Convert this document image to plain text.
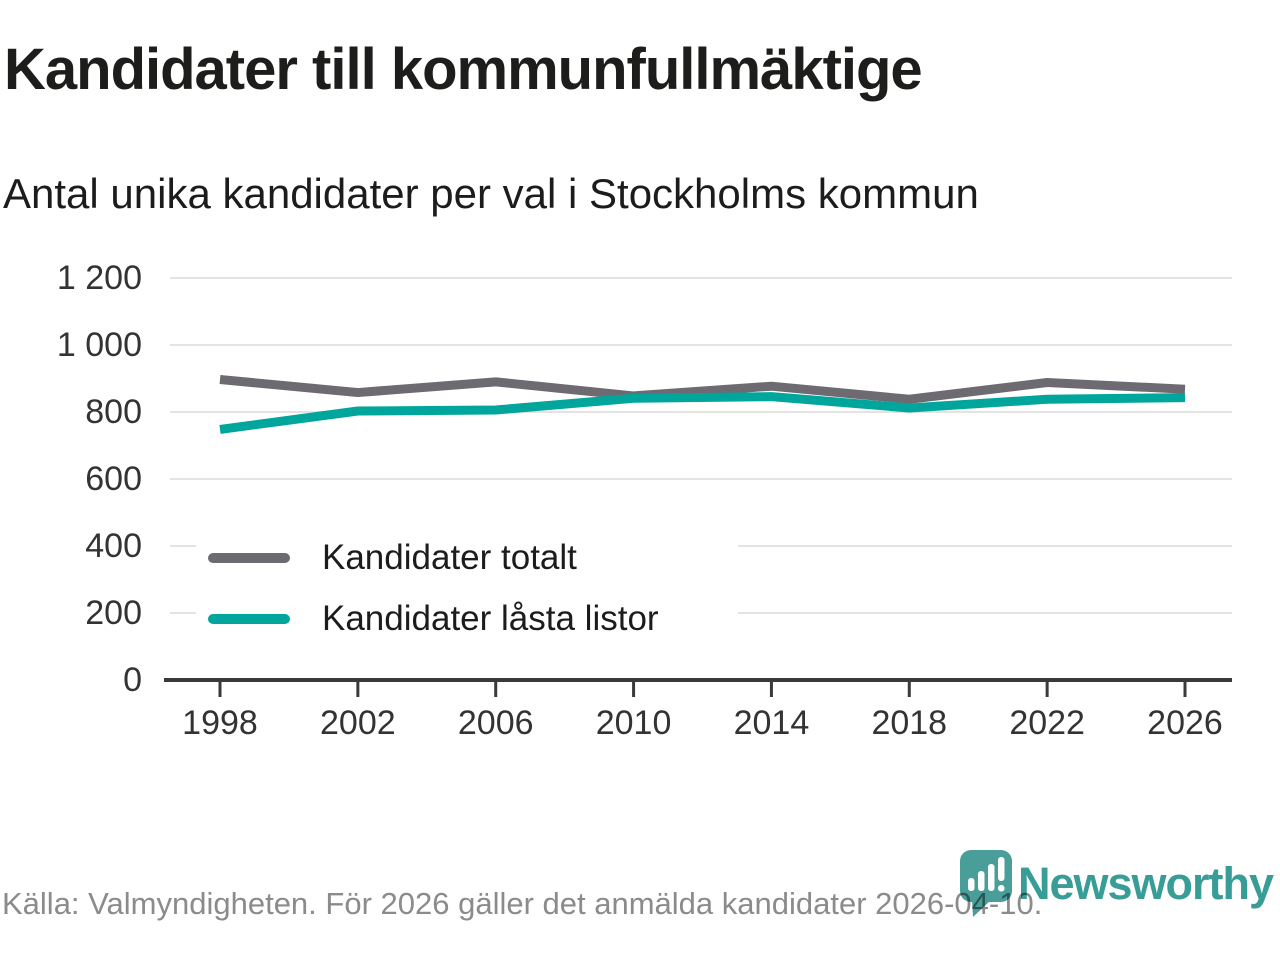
Kandidater till kommunfullmäktige
Antal unika kandidater per val i Stockholms kommun
0
200
400
600
800
1 000
1 200
1998	2002	2006	2010	2014	2018	2022	2026
Kandidater totalt
Kandidater låsta listor
Newsworthy
Källa: Valmyndigheten. För 2026 gäller det anmälda kandidater 2026-04-10.
